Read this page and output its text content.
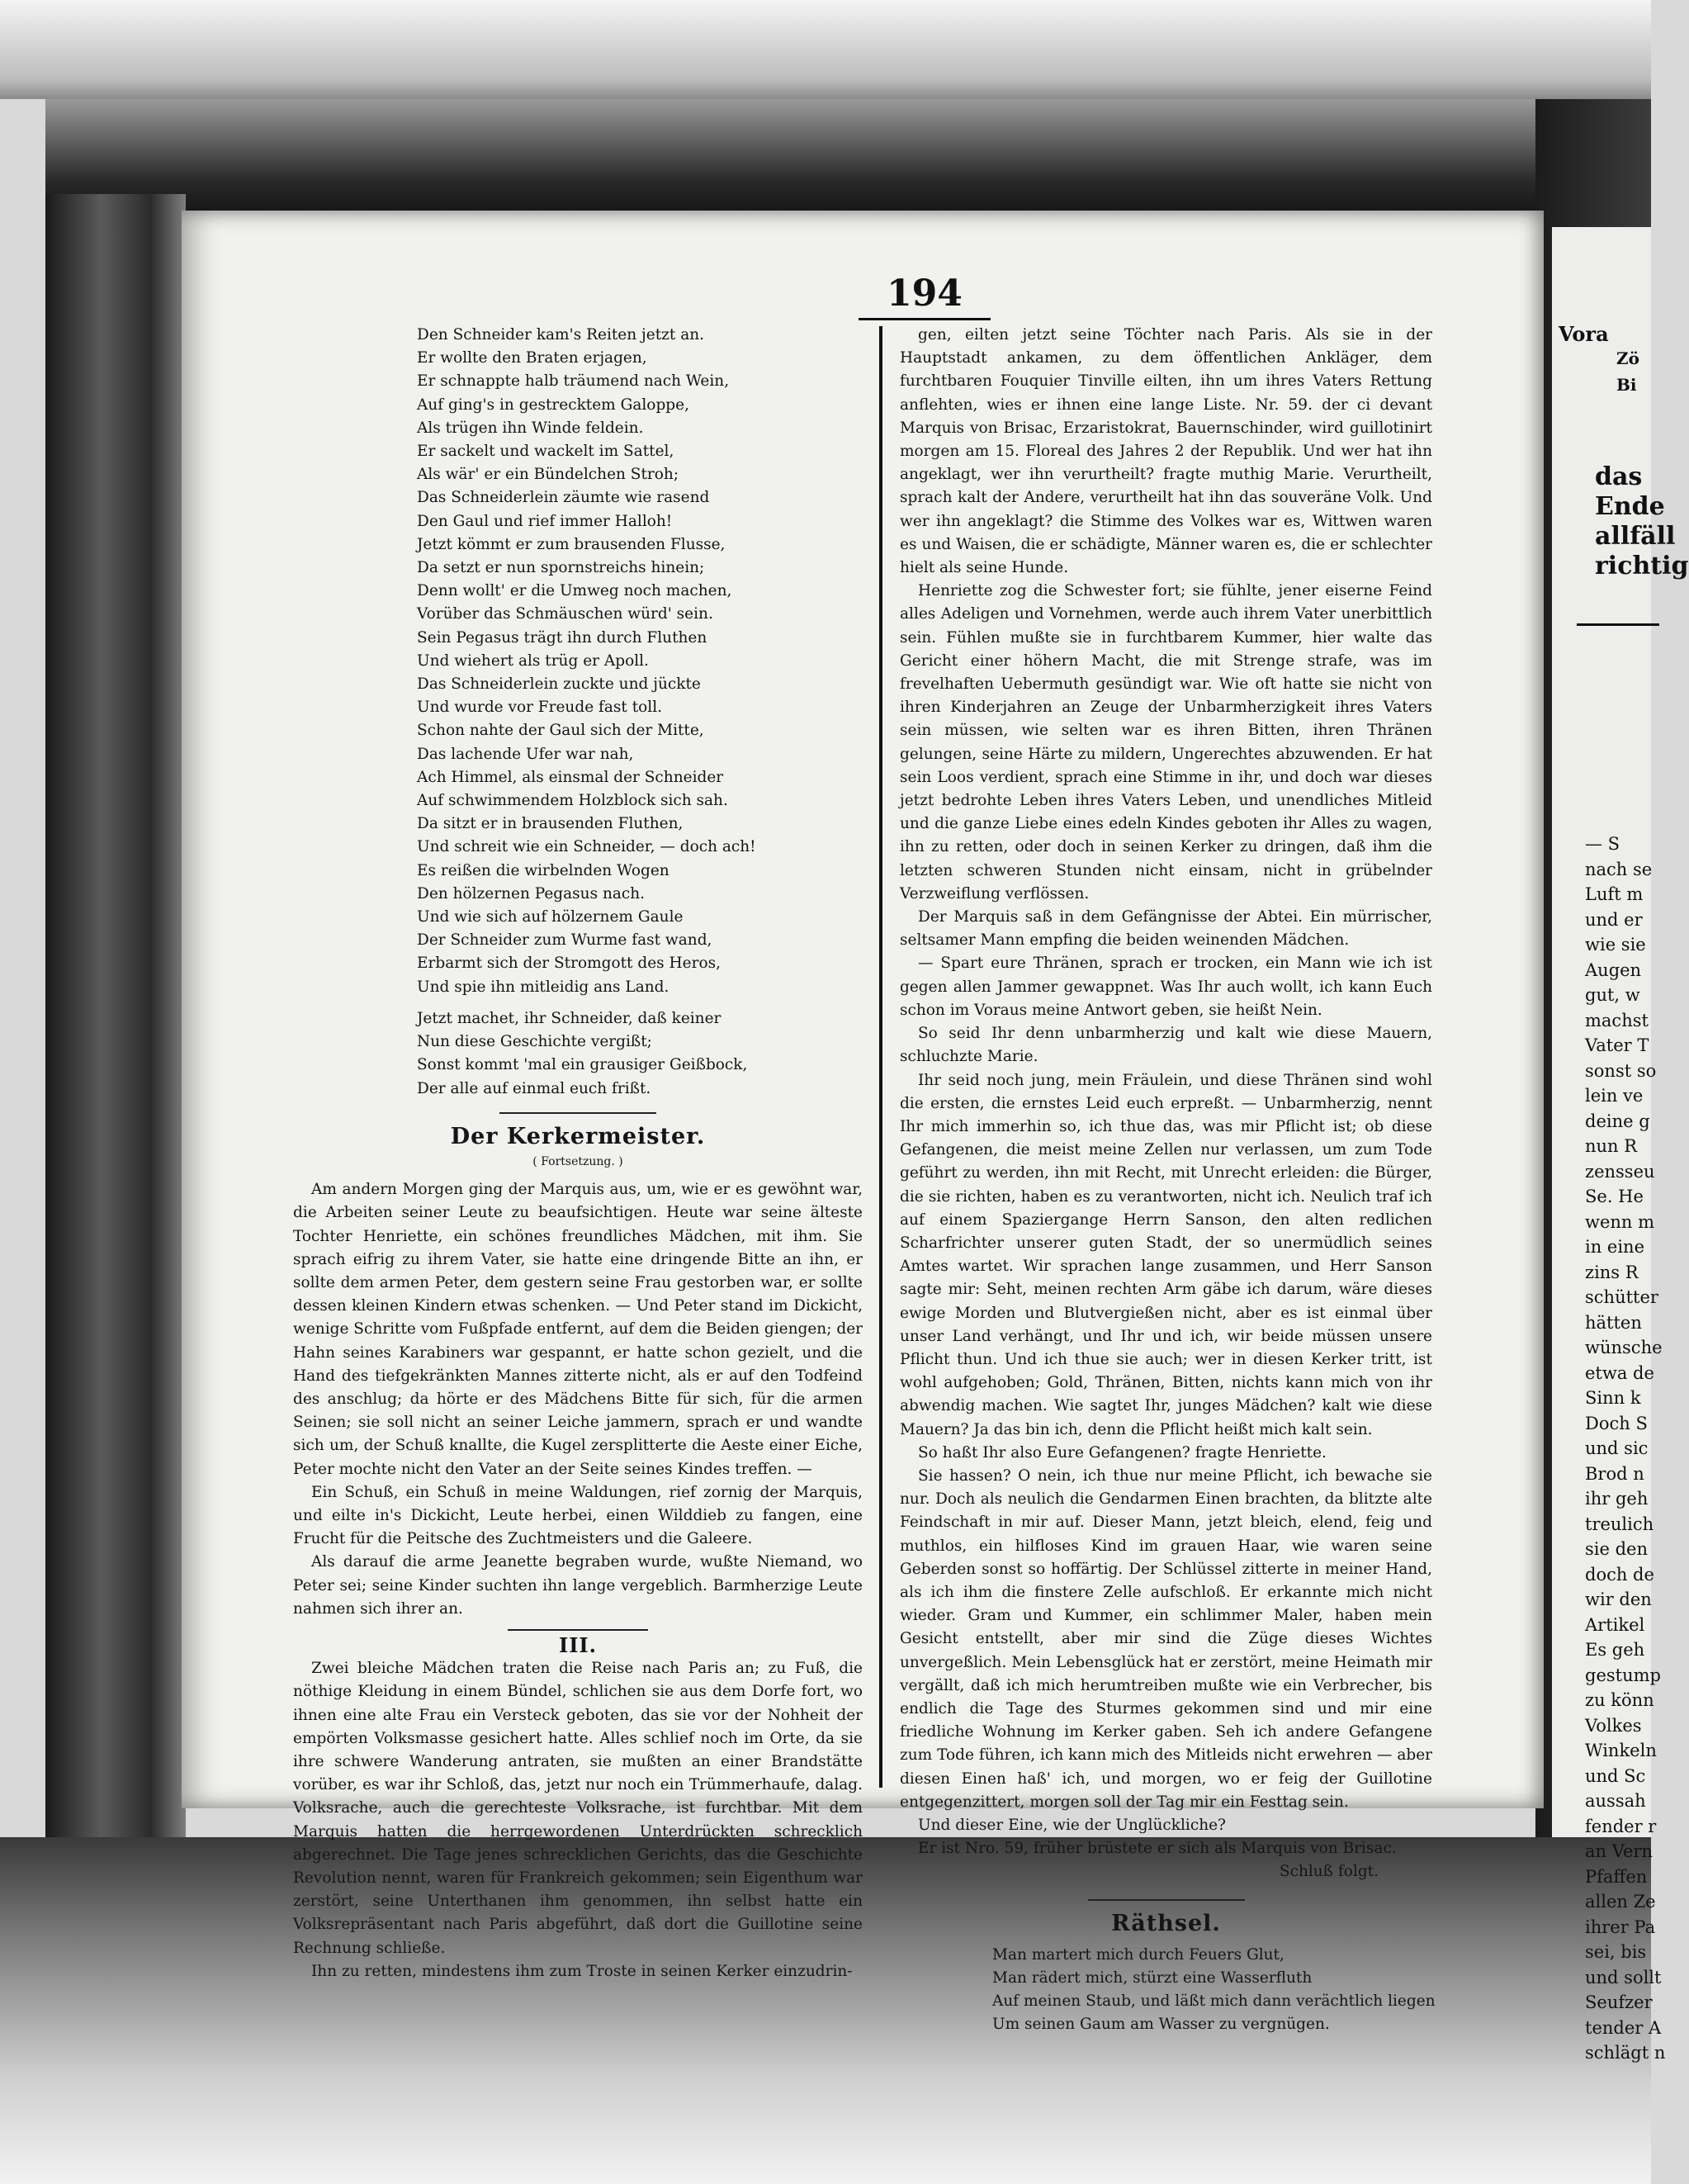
194
Den Schneider kam's Reiten jetzt an.
Er wollte den Braten erjagen,
Er schnappte halb träumend nach Wein,
Auf ging's in gestrecktem Galoppe,
Als trügen ihn Winde feldein.
Er sackelt und wackelt im Sattel,
Als wär' er ein Bündelchen Stroh;
Das Schneiderlein zäumte wie rasend
Den Gaul und rief immer Halloh!
Jetzt kömmt er zum brausenden Flusse,
Da setzt er nun spornstreichs hinein;
Denn wollt' er die Umweg noch machen,
Vorüber das Schmäuschen würd' sein.
Sein Pegasus trägt ihn durch Fluthen
Und wiehert als trüg er Apoll.
Das Schneiderlein zuckte und jückte
Und wurde vor Freude fast toll.
Schon nahte der Gaul sich der Mitte,
Das lachende Ufer war nah,
Ach Himmel, als einsmal der Schneider
Auf schwimmendem Holzblock sich sah.
Da sitzt er in brausenden Fluthen,
Und schreit wie ein Schneider, — doch ach!
Es reißen die wirbelnden Wogen
Den hölzernen Pegasus nach.
Und wie sich auf hölzernem Gaule
Der Schneider zum Wurme fast wand,
Erbarmt sich der Stromgott des Heros,
Und spie ihn mitleidig ans Land.
Jetzt machet, ihr Schneider, daß keiner
Nun diese Geschichte vergißt;
Sonst kommt 'mal ein grausiger Geißbock,
Der alle auf einmal euch frißt.
Der Kerkermeister.
( Fortsetzung. )

Am andern Morgen ging der Marquis aus, um, wie er es gewöhnt war, die Arbeiten seiner Leute zu beaufsichtigen. Heute war seine älteste Tochter Henriette, ein schönes freundliches Mädchen, mit ihm. Sie sprach eifrig zu ihrem Vater, sie hatte eine dringende Bitte an ihn, er sollte dem armen Peter, dem gestern seine Frau gestorben war, er sollte dessen kleinen Kindern etwas schenken. — Und Peter stand im Dickicht, wenige Schritte vom Fußpfade entfernt, auf dem die Beiden giengen; der Hahn seines Karabiners war gespannt, er hatte schon gezielt, und die Hand des tiefgekränkten Mannes zitterte nicht, als er auf den Todfeind des anschlug; da hörte er des Mädchens Bitte für sich, für die armen Seinen; sie soll nicht an seiner Leiche jammern, sprach er und wandte sich um, der Schuß knallte, die Kugel zersplitterte die Aeste einer Eiche, Peter mochte nicht den Vater an der Seite seines Kindes treffen. —

Ein Schuß, ein Schuß in meine Waldungen, rief zornig der Marquis, und eilte in's Dickicht, Leute herbei, einen Wilddieb zu fangen, eine Frucht für die Peitsche des Zuchtmeisters und die Galeere.

Als darauf die arme Jeanette begraben wurde, wußte Niemand, wo Peter sei; seine Kinder suchten ihn lange vergeblich. Barmherzige Leute nahmen sich ihrer an.

III.

Zwei bleiche Mädchen traten die Reise nach Paris an; zu Fuß, die nöthige Kleidung in einem Bündel, schlichen sie aus dem Dorfe fort, wo ihnen eine alte Frau ein Versteck geboten, das sie vor der Nohheit der empörten Volksmasse gesichert hatte. Alles schlief noch im Orte, da sie ihre schwere Wanderung antraten, sie mußten an einer Brandstätte vorüber, es war ihr Schloß, das, jetzt nur noch ein Trümmerhaufe, dalag. Volksrache, auch die gerechteste Volksrache, ist furchtbar. Mit dem Marquis hatten die herrgewordenen Unterdrückten schrecklich abgerechnet. Die Tage jenes schrecklichen Gerichts, das die Geschichte Revolution nennt, waren für Frankreich gekommen; sein Eigenthum war zerstört, seine Unterthanen ihm genommen, ihn selbst hatte ein Volksrepräsentant nach Paris abgeführt, daß dort die Guillotine seine Rechnung schließe.

Ihn zu retten, mindestens ihm zum Troste in seinen Kerker einzudrin-

gen, eilten jetzt seine Töchter nach Paris. Als sie in der Hauptstadt ankamen, zu dem öffentlichen Ankläger, dem furchtbaren Fouquier Tinville eilten, ihn um ihres Vaters Rettung anflehten, wies er ihnen eine lange Liste. Nr. 59. der ci devant Marquis von Brisac, Erzaristokrat, Bauernschinder, wird guillotinirt morgen am 15. Floreal des Jahres 2 der Republik. Und wer hat ihn angeklagt, wer ihn verurtheilt? fragte muthig Marie. Verurtheilt, sprach kalt der Andere, verurtheilt hat ihn das souveräne Volk. Und wer ihn angeklagt? die Stimme des Volkes war es, Wittwen waren es und Waisen, die er schädigte, Männer waren es, die er schlechter hielt als seine Hunde.

Henriette zog die Schwester fort; sie fühlte, jener eiserne Feind alles Adeligen und Vornehmen, werde auch ihrem Vater unerbittlich sein. Fühlen mußte sie in furchtbarem Kummer, hier walte das Gericht einer höhern Macht, die mit Strenge strafe, was im frevelhaften Uebermuth gesündigt war. Wie oft hatte sie nicht von ihren Kinderjahren an Zeuge der Unbarmherzigkeit ihres Vaters sein müssen, wie selten war es ihren Bitten, ihren Thränen gelungen, seine Härte zu mildern, Ungerechtes abzuwenden. Er hat sein Loos verdient, sprach eine Stimme in ihr, und doch war dieses jetzt bedrohte Leben ihres Vaters Leben, und unendliches Mitleid und die ganze Liebe eines edeln Kindes geboten ihr Alles zu wagen, ihn zu retten, oder doch in seinen Kerker zu dringen, daß ihm die letzten schweren Stunden nicht einsam, nicht in grübelnder Verzweiflung verflössen.

Der Marquis saß in dem Gefängnisse der Abtei. Ein mürrischer, seltsamer Mann empfing die beiden weinenden Mädchen.

— Spart eure Thränen, sprach er trocken, ein Mann wie ich ist gegen allen Jammer gewappnet. Was Ihr auch wollt, ich kann Euch schon im Voraus meine Antwort geben, sie heißt Nein.

So seid Ihr denn unbarmherzig und kalt wie diese Mauern, schluchzte Marie.

Ihr seid noch jung, mein Fräulein, und diese Thränen sind wohl die ersten, die ernstes Leid euch erpreßt. — Unbarmherzig, nennt Ihr mich immerhin so, ich thue das, was mir Pflicht ist; ob diese Gefangenen, die meist meine Zellen nur verlassen, um zum Tode geführt zu werden, ihn mit Recht, mit Unrecht erleiden: die Bürger, die sie richten, haben es zu verantworten, nicht ich. Neulich traf ich auf einem Spaziergange Herrn Sanson, den alten redlichen Scharfrichter unserer guten Stadt, der so unermüdlich seines Amtes wartet. Wir sprachen lange zusammen, und Herr Sanson sagte mir: Seht, meinen rechten Arm gäbe ich darum, wäre dieses ewige Morden und Blutvergießen nicht, aber es ist einmal über unser Land verhängt, und Ihr und ich, wir beide müssen unsere Pflicht thun. Und ich thue sie auch; wer in diesen Kerker tritt, ist wohl aufgehoben; Gold, Thränen, Bitten, nichts kann mich von ihr abwendig machen. Wie sagtet Ihr, junges Mädchen? kalt wie diese Mauern? Ja das bin ich, denn die Pflicht heißt mich kalt sein.

So haßt Ihr also Eure Gefangenen? fragte Henriette.

Sie hassen? O nein, ich thue nur meine Pflicht, ich bewache sie nur. Doch als neulich die Gendarmen Einen brachten, da blitzte alte Feindschaft in mir auf. Dieser Mann, jetzt bleich, elend, feig und muthlos, ein hilfloses Kind im grauen Haar, wie waren seine Geberden sonst so hoffärtig. Der Schlüssel zitterte in meiner Hand, als ich ihm die finstere Zelle aufschloß. Er erkannte mich nicht wieder. Gram und Kummer, ein schlimmer Maler, haben mein Gesicht entstellt, aber mir sind die Züge dieses Wichtes unvergeßlich. Mein Lebensglück hat er zerstört, meine Heimath mir vergällt, daß ich mich herumtreiben mußte wie ein Verbrecher, bis endlich die Tage des Sturmes gekommen sind und mir eine friedliche Wohnung im Kerker gaben. Seh ich andere Gefangene zum Tode führen, ich kann mich des Mitleids nicht erwehren — aber diesen Einen haß' ich, und morgen, wo er feig der Guillotine entgegenzittert, morgen soll der Tag mir ein Festtag sein.

Und dieser Eine, wie der Unglückliche?

Er ist Nro. 59, früher brüstete er sich als Marquis von Brisac.

Schluß folgt.
Räthsel.
Man martert mich durch Feuers Glut,
Man rädert mich, stürzt eine Wasserfluth
Auf meinen Staub, und läßt mich dann verächtlich liegen
Um seinen Gaum am Wasser zu vergnügen.
Vora
Zö
Bi
das
Ende
allfäll
richtig
— S
nach se
Luft m
und er
wie sie
Augen
gut, w
machst
Vater T
sonst so
lein ve
deine g
nun R
zensseu
Se. He
wenn m
in eine
zins R
schütter
hätten
wünsche
etwa de
Sinn k
Doch S
und sic
Brod n
ihr geh
treulich
sie den
doch de
wir den
Artikel
Es geh
gestump
zu könn
Volkes
Winkeln
und Sc
aussah
fender r
an Vern
Pfaffen
allen Ze
ihrer Pa
sei, bis
und sollt
Seufzer
tender A
schlägt n
